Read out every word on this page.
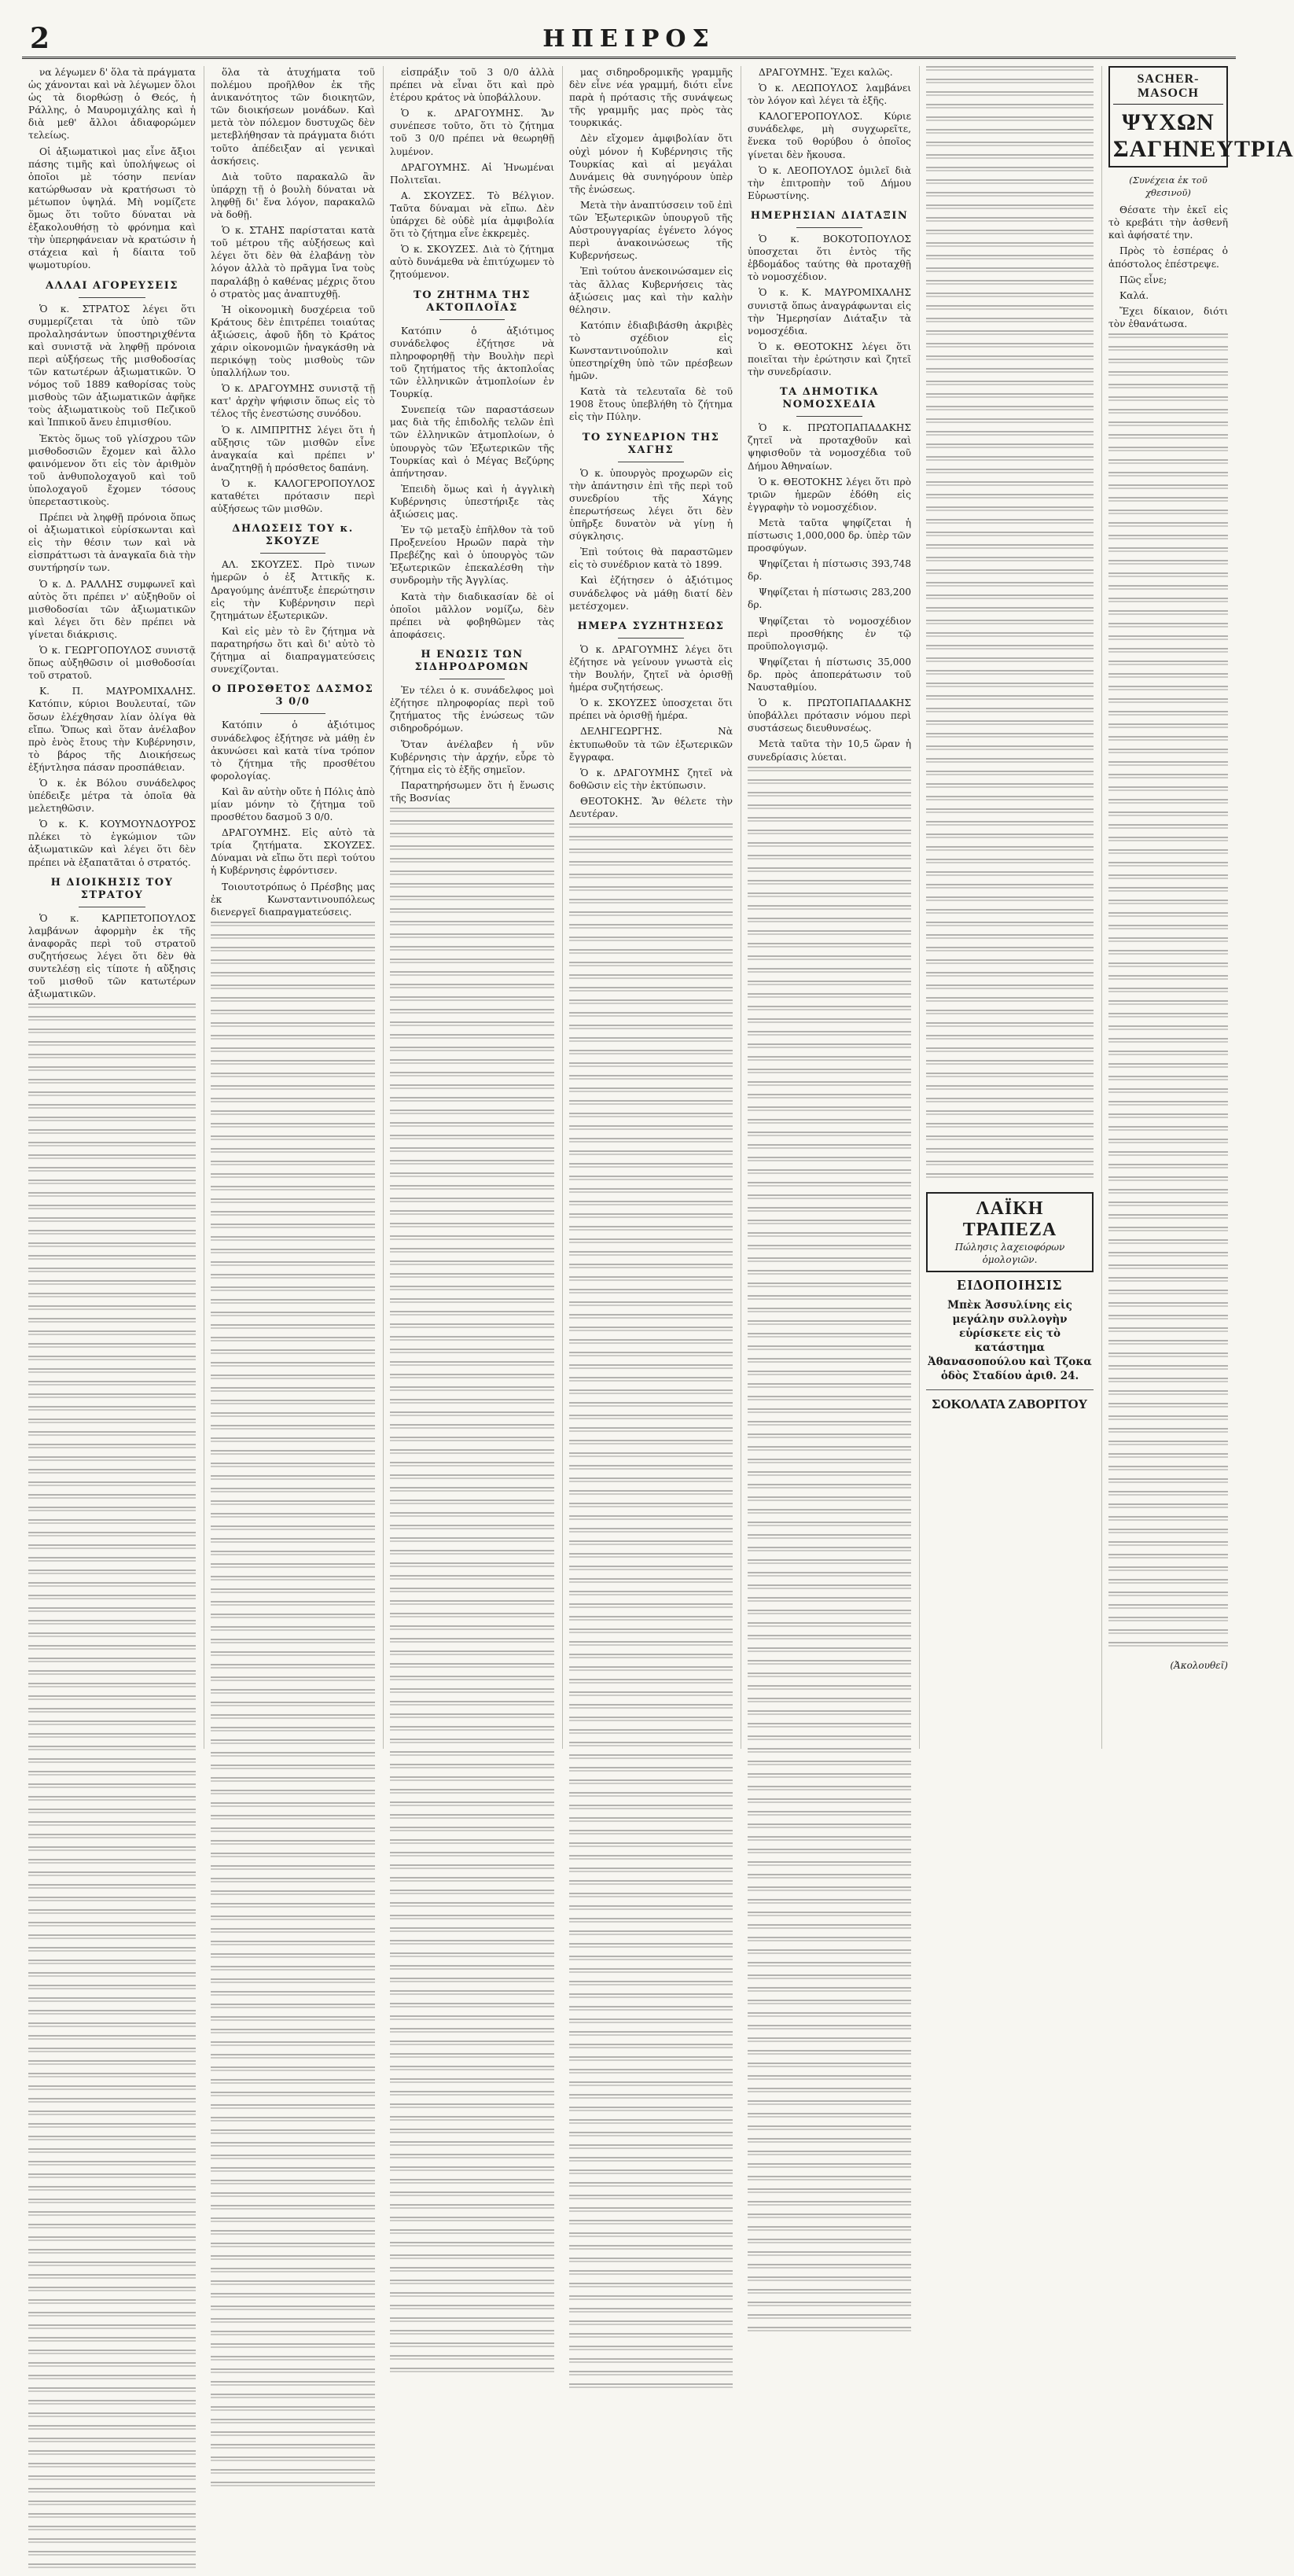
2	ΗΠΕΙΡΟΣ

να λέγωμεν δ' ὅλα τὰ πράγματα ὡς χάνονται καὶ νὰ λέγωμεν ὅλοι ὡς τὰ διορθώσῃ ὁ Θεός, ἡ Ράλλης, ὁ Μαυρομιχάλης καὶ ἡ διὰ μεθ' ἄλλοι ἀδιαφορώμεν τελείως.

Οἱ ἀξιωματικοὶ μας εἶνε ἄξιοι πάσης τιμῆς καὶ ὑπολήψεως οἱ ὁποῖοι μὲ τόσην πενίαν κατώρθωσαν νὰ κρατήσωσι τὸ μέτωπον ὑψηλά. Μὴ νομίζετε ὅμως ὅτι τοῦτο δύναται νὰ ἐξακολουθήσῃ τὸ φρόνημα καὶ τὴν ὑπερηφάνειαν νὰ κρατώσιν ἡ στάχεια καὶ ἡ δίαιτα τοῦ ψωμοτυρίου.

ΑΛΛΑΙ ΑΓΟΡΕΥΣΕΙΣ

Ὁ κ. ΣΤΡΑΤΟΣ λέγει ὅτι συμμερίζεται τὰ ὑπὸ τῶν προλαλησάντων ὑποστηριχθέντα καὶ συνιστᾷ νὰ ληφθῇ πρόνοια περὶ αὐξήσεως τῆς μισθοδοσίας τῶν κατωτέρων ἀξιωματικῶν. Ὁ νόμος τοῦ 1889 καθορίσας τοὺς μισθοὺς τῶν ἀξιωματικῶν ἀφῆκε τοὺς ἀξιωματικοὺς τοῦ Πεζικοῦ καὶ Ἱππικοῦ ἄνευ ἐπιμισθίου.

Ἐκτὸς ὅμως τοῦ γλίσχρου τῶν μισθοδοσιῶν ἔχομεν καὶ ἄλλο φαινόμενον ὅτι εἰς τὸν ἀριθμὸν τοῦ ἀνθυπολοχαγοῦ καὶ τοῦ ὑπολοχαγοῦ ἔχομεν τόσους ὑπερεταστικοὺς.

Πρέπει νὰ ληφθῇ πρόνοια ὅπως οἱ ἀξιωματικοὶ εὑρίσκωνται καὶ εἰς τὴν θέσιν των καὶ νὰ εἰσπράττωσι τὰ ἀναγκαῖα διὰ τὴν συντήρησίν των.

Ὁ κ. Δ. ΡΑΛΛΗΣ συμφωνεῖ καὶ αὐτὸς ὅτι πρέπει ν' αὐξηθοῦν οἱ μισθοδοσίαι τῶν ἀξιωματικῶν καὶ λέγει ὅτι δὲν πρέπει νὰ γίνεται διάκρισις.

Ὁ κ. ΓΕΩΡΓΟΠΟΥΛΟΣ συνιστᾷ ὅπως αὐξηθῶσιν οἱ μισθοδοσίαι τοῦ στρατοῦ.

Κ. Π. ΜΑΥΡΟΜΙΧΑΛΗΣ. Κατόπιν, κύριοι Βουλευταί, τῶν ὅσων ἐλέχθησαν λίαν ὀλίγα θὰ εἴπω. Ὅπως καὶ ὅταν ἀνέλαβον πρὸ ἑνὸς ἔτους τὴν Κυβέρνησιν, τὸ βάρος τῆς Διοικήσεως ἐξήντλησα πάσαν προσπάθειαν.

Ὁ κ. ἐκ Βόλου συνάδελφος ὑπέδειξε μέτρα τὰ ὁποῖα θὰ μελετηθῶσιν.

Ὁ κ. Κ. ΚΟΥΜΟΥΝΔΟΥΡΟΣ πλέκει τὸ ἐγκώμιον τῶν ἀξιωματικῶν καὶ λέγει ὅτι δὲν πρέπει νὰ ἐξαπατᾶται ὁ στρατός.

Η ΔΙΟΙΚΗΣΙΣ ΤΟΥ ΣΤΡΑΤΟΥ

Ὁ κ. ΚΑΡΠΕΤΟΠΟΥΛΟΣ λαμβάνων ἀφορμὴν ἐκ τῆς ἀναφορᾶς περὶ τοῦ στρατοῦ συζητήσεως λέγει ὅτι δὲν θὰ συντελέσῃ εἰς τίποτε ἡ αὔξησις τοῦ μισθοῦ τῶν κατωτέρων ἀξιωματικῶν.

ὅλα τὰ ἀτυχήματα τοῦ πολέμου προῆλθον ἐκ τῆς ἀνικανότητος τῶν διοικητῶν, τῶν διοικήσεων μονάδων. Καὶ μετὰ τὸν πόλεμον δυστυχῶς δὲν μετεβλήθησαν τὰ πράγματα διότι τοῦτο ἀπέδειξαν αἱ γενικαὶ ἀσκήσεις.

Διὰ τοῦτο παρακαλῶ ἂν ὑπάρχῃ τῇ ὁ βουλὴ δύναται νὰ ληφθῇ δι' ἕνα λόγον, παρακαλῶ νὰ δοθῇ.

Ὁ κ. ΣΤΑΗΣ παρίσταται κατὰ τοῦ μέτρου τῆς αὐξήσεως καὶ λέγει ὅτι δὲν θὰ ἐλαβάνῃ τὸν λόγον ἀλλὰ τὸ πρᾶγμα ἴνα τοὺς παραλάβῃ ὁ καθένας μέχρις ὅτου ὁ στρατὸς μας ἀναπτυχθῇ.

Ἡ οἰκονομικὴ δυσχέρεια τοῦ Κράτους δὲν ἐπιτρέπει τοιαύτας ἀξιώσεις, ἀφοῦ ἤδη τὸ Κράτος χάριν οἰκονομιῶν ἠναγκάσθη νὰ περικόψῃ τοὺς μισθοὺς τῶν ὑπαλλήλων του.

Ὁ κ. ΔΡΑΓΟΥΜΗΣ συνιστᾷ τῇ κατ' ἀρχὴν ψήφισιν ὅπως εἰς τὸ τέλος τῆς ἐνεστώσης συνόδου.

Ὁ κ. ΛΙΜΠΡΙΤΗΣ λέγει ὅτι ἡ αὔξησις τῶν μισθῶν εἶνε ἀναγκαία καὶ πρέπει ν' ἀναζητηθῇ ἡ πρόσθετος δαπάνη.

Ὁ κ. ΚΑΛΟΓΕΡΟΠΟΥΛΟΣ καταθέτει πρότασιν περὶ αὐξήσεως τῶν μισθῶν.

ΔΗΛΩΣΕΙΣ ΤΟΥ κ. ΣΚΟΥΖΕ

ΑΛ. ΣΚΟΥΖΕΣ. Πρὸ τινων ἡμερῶν ὁ ἐξ Ἀττικῆς κ. Δραγούμης ἀνέπτυξε ἐπερώτησιν εἰς τὴν Κυβέρνησιν περὶ ζητημάτων ἐξωτερικῶν.

Καὶ εἰς μὲν τὸ ἓν ζήτημα νὰ παρατηρήσω ὅτι καὶ δι' αὐτὸ τὸ ζήτημα αἱ διαπραγματεύσεις συνεχίζονται.

Ο ΠΡΟΣΘΕΤΟΣ ΔΑΣΜΟΣ 3 0/0

Κατόπιν ὁ ἀξιότιμος συνάδελφος ἐξήτησε νὰ μάθῃ ἐν ἀκυνώσει καὶ κατὰ τίνα τρόπον τὸ ζήτημα τῆς προσθέτου φορολογίας.

Καὶ ἂν αὐτὴν οὔτε ἡ Πόλις ἀπὸ μίαν μόνην τὸ ζήτημα τοῦ προσθέτου δασμοῦ 3 0/0.

ΔΡΑΓΟΥΜΗΣ. Εἰς αὐτὸ τὰ τρία ζητήματα. ΣΚΟΥΖΕΣ. Δύναμαι νὰ εἴπω ὅτι περὶ τούτου ἡ Κυβέρνησις ἐφρόντισεν.

Τοιουτοτρόπως ὁ Πρέσβης μας ἐκ Κωνσταντινουπόλεως διενεργεῖ διαπραγματεύσεις.

εἰσπράξιν τοῦ 3 0/0 ἀλλὰ πρέπει νὰ εἶναι ὅτι καὶ πρὸ ἑτέρου κράτος νὰ ὑποβάλλουν.

Ὁ κ. ΔΡΑΓΟΥΜΗΣ. Ἄν συνέπεσε τοῦτο, ὅτι τὸ ζήτημα τοῦ 3 0/0 πρέπει νὰ θεωρηθῇ λυμένον.

ΔΡΑΓΟΥΜΗΣ. Αἱ Ἠνωμέναι Πολιτεῖαι.

Α. ΣΚΟΥΖΕΣ. Τὸ Βέλγιον. Ταῦτα δύναμαι νὰ εἴπω. Δὲν ὑπάρχει δὲ οὐδὲ μία ἀμφιβολία ὅτι τὸ ζήτημα εἶνε ἐκκρεμὲς.

Ὁ κ. ΣΚΟΥΖΕΣ. Διὰ τὸ ζήτημα αὐτὸ δυνάμεθα νὰ ἐπιτύχωμεν τὸ ζητούμενον.

ΤΟ ΖΗΤΗΜΑ ΤΗΣ ΑΚΤΟΠΛΟΪΑΣ

Κατόπιν ὁ ἀξιότιμος συνάδελφος ἐζήτησε νὰ πληροφορηθῇ τὴν Βουλὴν περὶ τοῦ ζητήματος τῆς ἀκτοπλοΐας τῶν ἑλληνικῶν ἀτμοπλοίων ἐν Τουρκίᾳ.

Συνεπείᾳ τῶν παραστάσεων μας διὰ τῆς ἐπιδολῆς τελῶν ἐπὶ τῶν ἑλληνικῶν ἀτμοπλοίων, ὁ ὑπουργὸς τῶν Ἐξωτερικῶν τῆς Τουρκίας καὶ ὁ Μέγας Βεζύρης ἀπήντησαν.

Ἐπειδὴ ὅμως καὶ ἡ ἀγγλικὴ Κυβέρνησις ὑπεστήριξε τὰς ἀξιώσεις μας.

Ἐν τῷ μεταξὺ ἐπῆλθον τὰ τοῦ Προξενείου Ηρωῶν παρὰ τὴν Πρεβέζης καὶ ὁ ὑπουργὸς τῶν Ἐξωτερικῶν ἐπεκαλέσθη τὴν συνδρομὴν τῆς Ἀγγλίας.

Κατὰ τὴν διαδικασίαν δὲ οἱ ὁποῖοι μᾶλλον νομίζω, δὲν πρέπει νὰ φοβηθῶμεν τὰς ἀποφάσεις.

Η ΕΝΩΣΙΣ ΤΩΝ ΣΙΔΗΡΟΔΡΟΜΩΝ

Ἐν τέλει ὁ κ. συνάδελφος μοὶ ἐζήτησε πληροφορίας περὶ τοῦ ζητήματος τῆς ἑνώσεως τῶν σιδηροδρόμων.

Ὅταν ἀνέλαβεν ἡ νῦν Κυβέρνησις τὴν ἀρχήν, εὗρε τὸ ζήτημα εἰς τὸ ἑξῆς σημεῖον.

Παρατηρήσωμεν ὅτι ἡ ἕνωσις τῆς Βοσνίας

μας σιδηροδρομικῆς γραμμῆς δὲν εἶνε νέα γραμμή, διότι εἶνε παρὰ ἡ πρότασις τῆς συνάψεως τῆς γραμμῆς μας πρὸς τὰς τουρκικάς.

Δὲν εἴχομεν ἀμφιβολίαν ὅτι οὐχὶ μόνον ἡ Κυβέρνησις τῆς Τουρκίας καὶ αἱ μεγάλαι Δυνάμεις θὰ συνηγόρουν ὑπὲρ τῆς ἑνώσεως.

Μετὰ τὴν ἀναπτύσσειν τοῦ ἐπὶ τῶν Ἐξωτερικῶν ὑπουργοῦ τῆς Αὐστρουγγαρίας ἐγένετο λόγος περὶ ἀνακοινώσεως τῆς Κυβερνήσεως.

Ἐπὶ τούτου ἀνεκοινώσαμεν εἰς τὰς ἄλλας Κυβερνήσεις τὰς ἀξιώσεις μας καὶ τὴν καλὴν θέλησιν.

Κατόπιν ἐδιαβιβάσθη ἀκριβὲς τὸ σχέδιον εἰς Κωνσταντινούπολιν καὶ ὑπεστηρίχθη ὑπὸ τῶν πρέσβεων ἡμῶν.

Κατὰ τὰ τελευταῖα δὲ τοῦ 1908 ἔτους ὑπεβλήθη τὸ ζήτημα εἰς τὴν Πύλην.

ΤΟ ΣΥΝΕΔΡΙΟΝ ΤΗΣ ΧΑΓΗΣ

Ὁ κ. ὑπουργὸς προχωρῶν εἰς τὴν ἀπάντησιν ἐπὶ τῆς περὶ τοῦ συνεδρίου τῆς Χάγης ἐπερωτήσεως λέγει ὅτι δὲν ὑπῆρξε δυνατὸν νὰ γίνῃ ἡ σύγκλησις.

Ἐπὶ τούτοις θὰ παραστῶμεν εἰς τὸ συνέδριον κατὰ τὸ 1899.

Καὶ ἐζήτησεν ὁ ἀξιότιμος συνάδελφος νὰ μάθῃ διατί δὲν μετέσχομεν.

ΗΜΕΡΑ ΣΥΖΗΤΗΣΕΩΣ

Ὁ κ. ΔΡΑΓΟΥΜΗΣ λέγει ὅτι ἐζήτησε νὰ γείνουν γνωστὰ εἰς τὴν Βουλήν, ζητεῖ νὰ ὁρισθῇ ἡμέρα συζητήσεως.

Ὁ κ. ΣΚΟΥΖΕΣ ὑποσχεται ὅτι πρέπει νὰ ὁρισθῇ ἡμέρα.

ΔΕΛΗΓΕΩΡΓΗΣ. Νὰ ἐκτυπωθοῦν τὰ τῶν ἐξωτερικῶν ἔγγραφα.

Ὁ κ. ΔΡΑΓΟΥΜΗΣ ζητεῖ νὰ δοθῶσιν εἰς τὴν ἐκτύπωσιν.

ΘΕΟΤΟΚΗΣ. Ἄν θέλετε τὴν Δευτέραν.

ΔΡΑΓΟΥΜΗΣ. Ἔχει καλῶς.

Ὁ κ. ΛΕΩΠΟΥΛΟΣ λαμβάνει τὸν λόγον καὶ λέγει τὰ ἑξῆς.

ΚΑΛΟΓΕΡΟΠΟΥΛΟΣ. Κύριε συνάδελφε, μὴ συγχωρεῖτε, ἕνεκα τοῦ θορύβου ὁ ὁποῖος γίνεται δὲν ἤκουσα.

Ὁ κ. ΛΕΟΠΟΥΛΟΣ ὁμιλεῖ διὰ τὴν ἐπιτροπὴν τοῦ Δήμου Εὐρωστίνης.

ΗΜΕΡΗΣΙΑΝ ΔΙΑΤΑΞΙΝ

Ὁ κ. ΒΟΚΟΤΟΠΟΥΛΟΣ ὑποσχεται ὅτι ἐντὸς τῆς ἑβδομάδος ταύτης θὰ προταχθῇ τὸ νομοσχέδιον.

Ὁ κ. Κ. ΜΑΥΡΟΜΙΧΑΛΗΣ συνιστᾷ ὅπως ἀναγράφωνται εἰς τὴν Ἡμερησίαν Διάταξιν τὰ νομοσχέδια.

Ὁ κ. ΘΕΟΤΟΚΗΣ λέγει ὅτι ποιεῖται τὴν ἐρώτησιν καὶ ζητεῖ τὴν συνεδρίασιν.

ΤΑ ΔΗΜΟΤΙΚΑ ΝΟΜΟΣΧΕΔΙΑ

Ὁ κ. ΠΡΩΤΟΠΑΠΑΔΑΚΗΣ ζητεῖ νὰ προταχθοῦν καὶ ψηφισθοῦν τὰ νομοσχέδια τοῦ Δήμου Ἀθηναίων.

Ὁ κ. ΘΕΟΤΟΚΗΣ λέγει ὅτι πρὸ τριῶν ἡμερῶν ἐδόθη εἰς ἐγγραφὴν τὸ νομοσχέδιον.

Μετὰ ταῦτα ψηφίζεται ἡ πίστωσις 1,000,000 δρ. ὑπὲρ τῶν προσφύγων.

Ψηφίζεται ἡ πίστωσις 393,748 δρ.

Ψηφίζεται ἡ πίστωσις 283,200 δρ.

Ψηφίζεται τὸ νομοσχέδιον περὶ προσθήκης ἐν τῷ προϋπολογισμῷ.

Ψηφίζεται ἡ πίστωσις 35,000 δρ. πρὸς ἀποπεράτωσιν τοῦ Ναυσταθμίου.

Ὁ κ. ΠΡΩΤΟΠΑΠΑΔΑΚΗΣ ὑποβάλλει πρότασιν νόμου περὶ συστάσεως διευθυνσέως.

Μετὰ ταῦτα τὴν 10,5 ὥραν ἡ συνεδρίασις λύεται.

ΛΑΪΚΗ ΤΡΑΠΕΖΑ
Πώλησις λαχειοφόρων ὁμολογιῶν.
ΕΙΔΟΠΟΙΗΣΙΣ
Μπὲκ Ἀσσυλίνης εἰς μεγάλην συλλογὴν εὑρίσκετε εἰς τὸ κατάστημα Ἀθανασοπούλου καὶ Τζοκα ὁδὸς Σταδίου ἀριθ. 24.
ΣΟΚΟΛΑΤΑ ΖΑΒΟΡΙΤΟΥ
SACHER-MASOCH
ΨΥΧΩΝ ΣΑΓΗΝΕΥΤΡΙΑ
(Συνέχεια ἐκ τοῦ χθεσινοῦ)

Θέσατε τὴν ἐκεῖ εἰς τὸ κρεβάτι τὴν ἀσθενῆ καὶ ἀφήσατέ την.

Πρὸς τὸ ἑσπέρας ὁ ἀπόστολος ἐπέστρεψε.

Πῶς εἶνε;

Καλά.

Ἔχει δίκαιον, διότι τὸν ἐθανάτωσα.

(Ἀκολουθεῖ)
